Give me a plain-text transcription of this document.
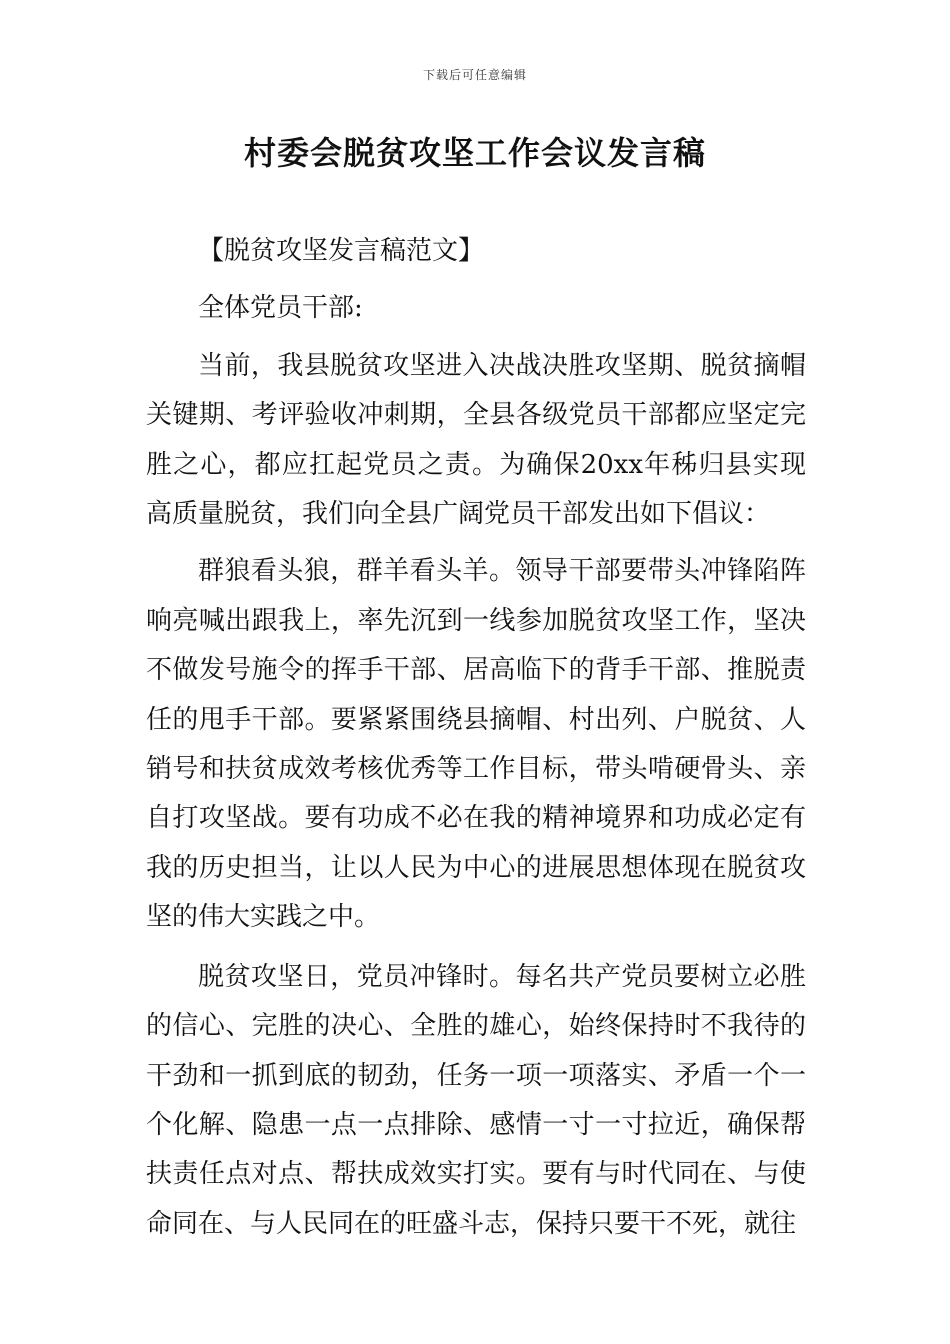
下载后可任意编辑
村委会脱贫攻坚工作会议发言稿

【脱贫攻坚发言稿范文】

全体党员干部:

当前，我县脱贫攻坚进入决战决胜攻坚期、脱贫摘帽关键期、考评验收冲刺期，全县各级党员干部都应坚定完胜之心，都应扛起党员之责。为确保20xx年秭归县实现高质量脱贫，我们向全县广阔党员干部发出如下倡议：

群狼看头狼，群羊看头羊。领导干部要带头冲锋陷阵响亮喊出跟我上，率先沉到一线参加脱贫攻坚工作，坚决不做发号施令的挥手干部、居高临下的背手干部、推脱责任的甩手干部。要紧紧围绕县摘帽、村出列、户脱贫、人销号和扶贫成效考核优秀等工作目标，带头啃硬骨头、亲自打攻坚战。要有功成不必在我的精神境界和功成必定有我的历史担当，让以人民为中心的进展思想体现在脱贫攻坚的伟大实践之中。

脱贫攻坚日，党员冲锋时。每名共产党员要树立必胜的信心、完胜的决心、全胜的雄心，始终保持时不我待的干劲和一抓到底的韧劲，任务一项一项落实、矛盾一个一个化解、隐患一点一点排除、感情一寸一寸拉近，确保帮扶责任点对点、帮扶成效实打实。要有与时代同在、与使命同在、与人民同在的旺盛斗志，保持只要干不死，就往
